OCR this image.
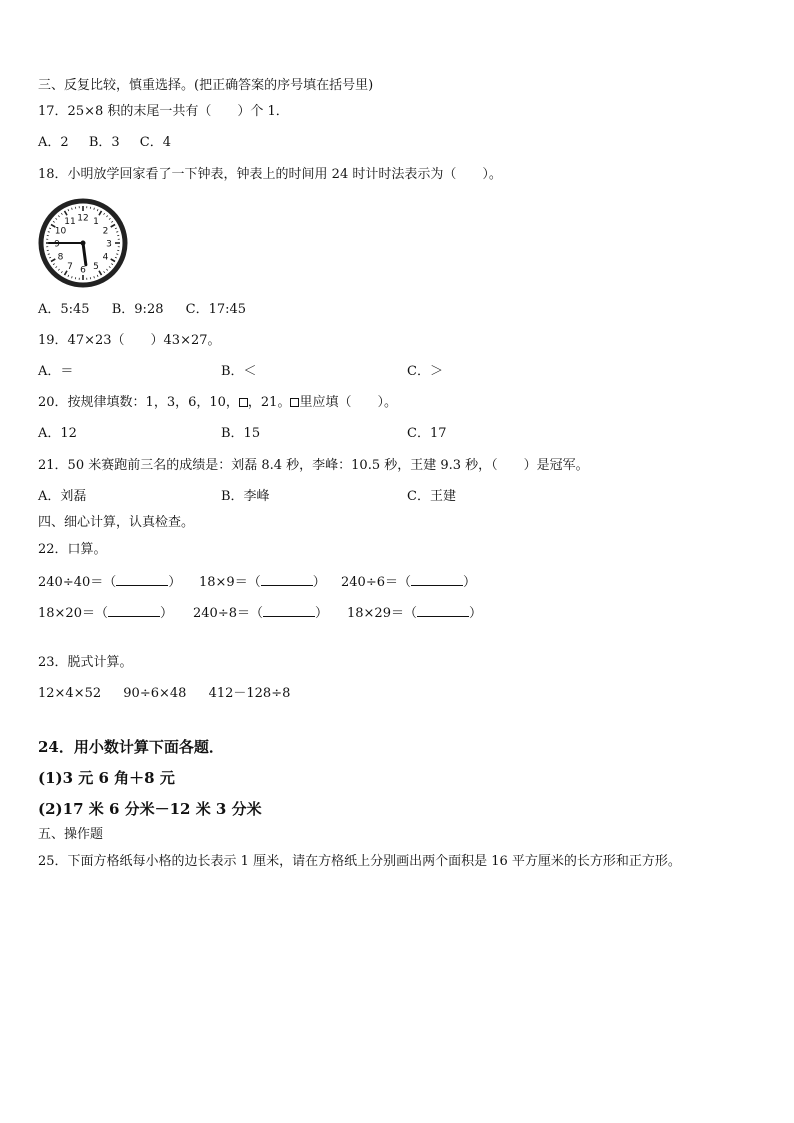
三、反复比较，慎重选择。(把正确答案的序号填在括号里)
17．25×8 积的末尾一共有（　　）个 1．
A．2 B．3 C．4
18．小明放学回家看了一下钟表，钟表上的时间用 24 时计时法表示为（　　）。
12 1
2
3
4
5
6
7
8
9
10
11
A．5:45 B．9:28 C．17:45
19．47×23（ ）43×27。
A．＝	B．＜	C．＞
20．按规律填数：1，3，6，10， ，21。 里应填（　　）。
A．12	B．15	C．17
21．50 米赛跑前三名的成绩是：刘磊 8.4 秒，李峰：10.5 秒，王建 9.3 秒，（　　）是冠军。
A．刘磊	B．李峰	C．王建
四、细心计算，认真检查。
22．口算。
240÷40＝（	） 18×9＝（	） 240÷6＝（	）
18×20＝（	） 240÷8＝（	） 18×29＝（	）
23．脱式计算。
12×4×52 90÷6×48 412－128÷8
24．用小数计算下面各题．
(1)3 元 6 角＋8 元
(2)17 米 6 分米－12 米 3 分米
五、操作题
25．下面方格纸每小格的边长表示 1 厘米，请在方格纸上分别画出两个面积是 16 平方厘米的长方形和正方形。
